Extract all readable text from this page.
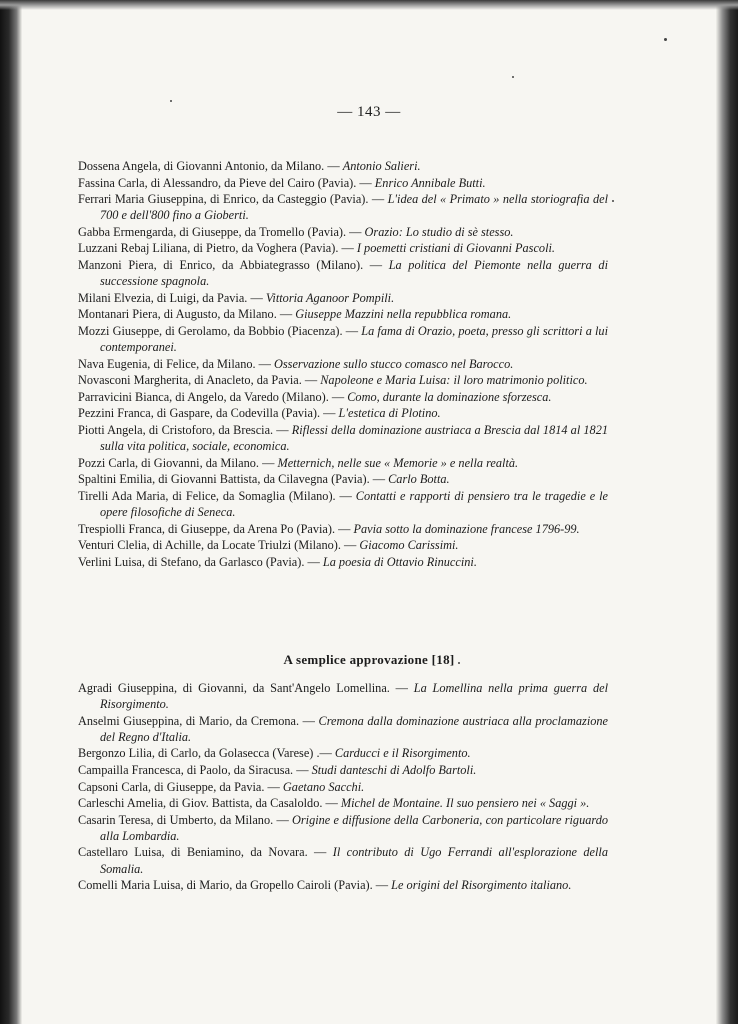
— 143 —

Dossena Angela, di Giovanni Antonio, da Milano. — Antonio Salieri.

Fassina Carla, di Alessandro, da Pieve del Cairo (Pavia). — Enrico Annibale Butti.

Ferrari Maria Giuseppina, di Enrico, da Casteggio (Pavia). — L'idea del « Primato » nella storiografia del 700 e dell'800 fino a Gioberti.

Gabba Ermengarda, di Giuseppe, da Tromello (Pavia). — Orazio: Lo studio di sè stesso.

Luzzani Rebaj Liliana, di Pietro, da Voghera (Pavia). — I poemetti cristiani di Giovanni Pascoli.

Manzoni Piera, di Enrico, da Abbiategrasso (Milano). — La politica del Piemonte nella guerra di successione spagnola.

Milani Elvezia, di Luigi, da Pavia. — Vittoria Aganoor Pompili.

Montanari Piera, di Augusto, da Milano. — Giuseppe Mazzini nella repubblica romana.

Mozzi Giuseppe, di Gerolamo, da Bobbio (Piacenza). — La fama di Orazio, poeta, presso gli scrittori a lui contemporanei.

Nava Eugenia, di Felice, da Milano. — Osservazione sullo stucco comasco nel Barocco.

Novasconi Margherita, di Anacleto, da Pavia. — Napoleone e Maria Luisa: il loro matrimonio politico.

Parravicini Bianca, di Angelo, da Varedo (Milano). — Como, durante la dominazione sforzesca.

Pezzini Franca, di Gaspare, da Codevilla (Pavia). — L'estetica di Plotino.

Piotti Angela, di Cristoforo, da Brescia. — Riflessi della dominazione austriaca a Brescia dal 1814 al 1821 sulla vita politica, sociale, economica.

Pozzi Carla, di Giovanni, da Milano. — Metternich, nelle sue « Memorie » e nella realtà.

Spaltini Emilia, di Giovanni Battista, da Cilavegna (Pavia). — Carlo Botta.

Tirelli Ada Maria, di Felice, da Somaglia (Milano). — Contatti e rapporti di pensiero tra le tragedie e le opere filosofiche di Seneca.

Trespiolli Franca, di Giuseppe, da Arena Po (Pavia). — Pavia sotto la dominazione francese 1796-99.

Venturi Clelia, di Achille, da Locate Triulzi (Milano). — Giacomo Carissimi.

Verlini Luisa, di Stefano, da Garlasco (Pavia). — La poesia di Ottavio Rinuccini.

A semplice approvazione [18]

Agradi Giuseppina, di Giovanni, da Sant'Angelo Lomellina. — La Lomellina nella prima guerra del Risorgimento.

Anselmi Giuseppina, di Mario, da Cremona. — Cremona dalla dominazione austriaca alla proclamazione del Regno d'Italia.

Bergonzo Lilia, di Carlo, da Golasecca (Varese) .— Carducci e il Risorgimento.

Campailla Francesca, di Paolo, da Siracusa. — Studi danteschi di Adolfo Bartoli.

Capsoni Carla, di Giuseppe, da Pavia. — Gaetano Sacchi.

Carleschi Amelia, di Giov. Battista, da Casaloldo. — Michel de Montaine. Il suo pensiero nei « Saggi ».

Casarin Teresa, di Umberto, da Milano. — Origine e diffusione della Carboneria, con particolare riguardo alla Lombardia.

Castellaro Luisa, di Beniamino, da Novara. — Il contributo di Ugo Ferrandi all'esplorazione della Somalia.

Comelli Maria Luisa, di Mario, da Gropello Cairoli (Pavia). — Le origini del Risorgimento italiano.
